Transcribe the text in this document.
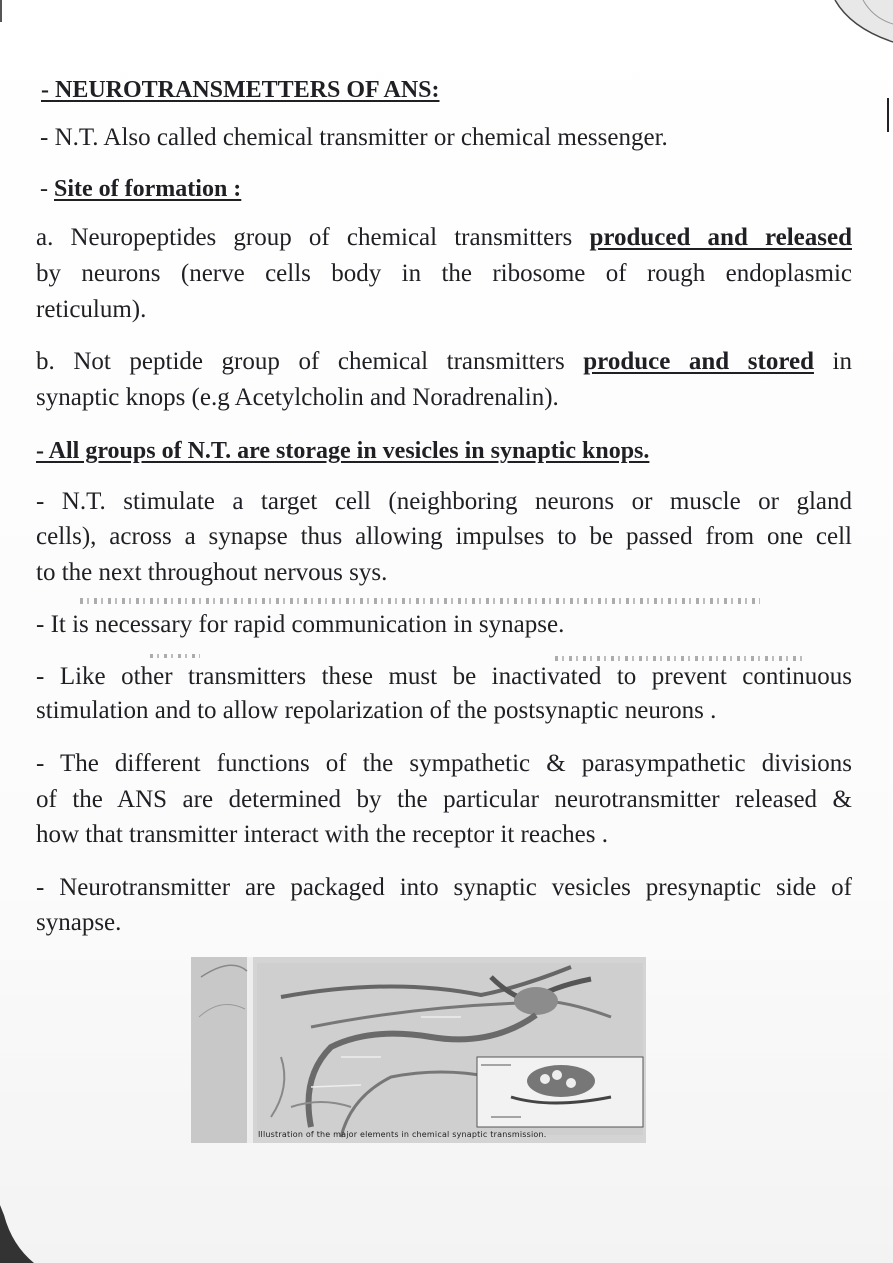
- NEUROTRANSMETTERS OF ANS:

- N.T. Also called chemical transmitter or chemical messenger.

- Site of formation :

a. Neuropeptides group of chemical transmitters produced and released

by neurons (nerve cells body in the ribosome of rough endoplasmic

reticulum).

b. Not peptide group of chemical transmitters produce and stored in

synaptic knops (e.g Acetylcholin and Noradrenalin).

- All groups of N.T. are storage in vesicles in synaptic knops.

- N.T. stimulate a target cell (neighboring neurons or muscle or gland

cells), across a synapse thus allowing impulses to be passed from one cell

to the next throughout nervous sys.

- It is necessary for rapid communication in synapse.

- Like other transmitters these must be inactivated to prevent continuous

stimulation and to allow repolarization of the postsynaptic neurons .

- The different functions of the sympathetic & parasympathetic divisions

of the ANS are determined by the particular neurotransmitter released &

how that transmitter interact with the receptor it reaches .

- Neurotransmitter are packaged into synaptic vesicles presynaptic side of

synapse.

Illustration of the major elements in chemical synaptic transmission.
